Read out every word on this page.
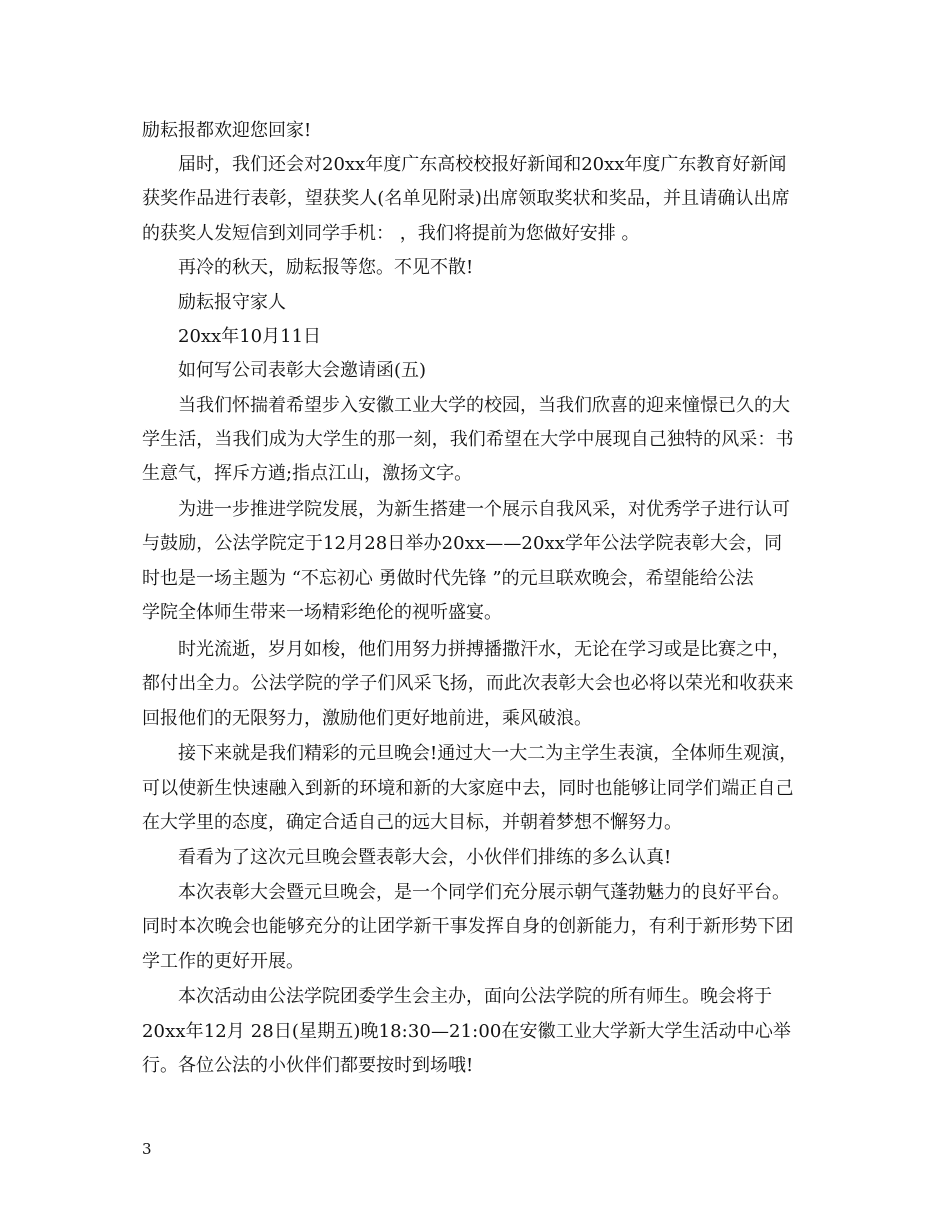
励耘报都欢迎您回家!
届时，我们还会对20xx年度广东高校校报好新闻和20xx年度广东教育好新闻
获奖作品进行表彰，望获奖人(名单见附录)出席领取奖状和奖品，并且请确认出席
的获奖人发短信到刘同学手机： ，我们将提前为您做好安排 。
再冷的秋天，励耘报等您。不见不散!
励耘报守家人
20xx年10月11日
如何写公司表彰大会邀请函(五)
当我们怀揣着希望步入安徽工业大学的校园，当我们欣喜的迎来憧憬已久的大
学生活，当我们成为大学生的那一刻，我们希望在大学中展现自己独特的风采：书
生意气，挥斥方遒;指点江山，激扬文字。
为进一步推进学院发展，为新生搭建一个展示自我风采，对优秀学子进行认可
与鼓励，公法学院定于12月28日举办20xx——20xx学年公法学院表彰大会，同
时也是一场主题为 “不忘初心 勇做时代先锋 ”的元旦联欢晚会，希望能给公法
学院全体师生带来一场精彩绝伦的视听盛宴。
时光流逝，岁月如梭，他们用努力拼搏播撒汗水，无论在学习或是比赛之中，
都付出全力。公法学院的学子们风采飞扬，而此次表彰大会也必将以荣光和收获来
回报他们的无限努力，激励他们更好地前进，乘风破浪。
接下来就是我们精彩的元旦晚会!通过大一大二为主学生表演，全体师生观演，
可以使新生快速融入到新的环境和新的大家庭中去，同时也能够让同学们端正自己
在大学里的态度，确定合适自己的远大目标，并朝着梦想不懈努力。
看看为了这次元旦晚会暨表彰大会，小伙伴们排练的多么认真!
本次表彰大会暨元旦晚会，是一个同学们充分展示朝气蓬勃魅力的良好平台。
同时本次晚会也能够充分的让团学新干事发挥自身的创新能力，有利于新形势下团
学工作的更好开展。
本次活动由公法学院团委学生会主办，面向公法学院的所有师生。晚会将于
20xx年12月 28日(星期五)晚18:30—21:00在安徽工业大学新大学生活动中心举
行。各位公法的小伙伴们都要按时到场哦!
3
